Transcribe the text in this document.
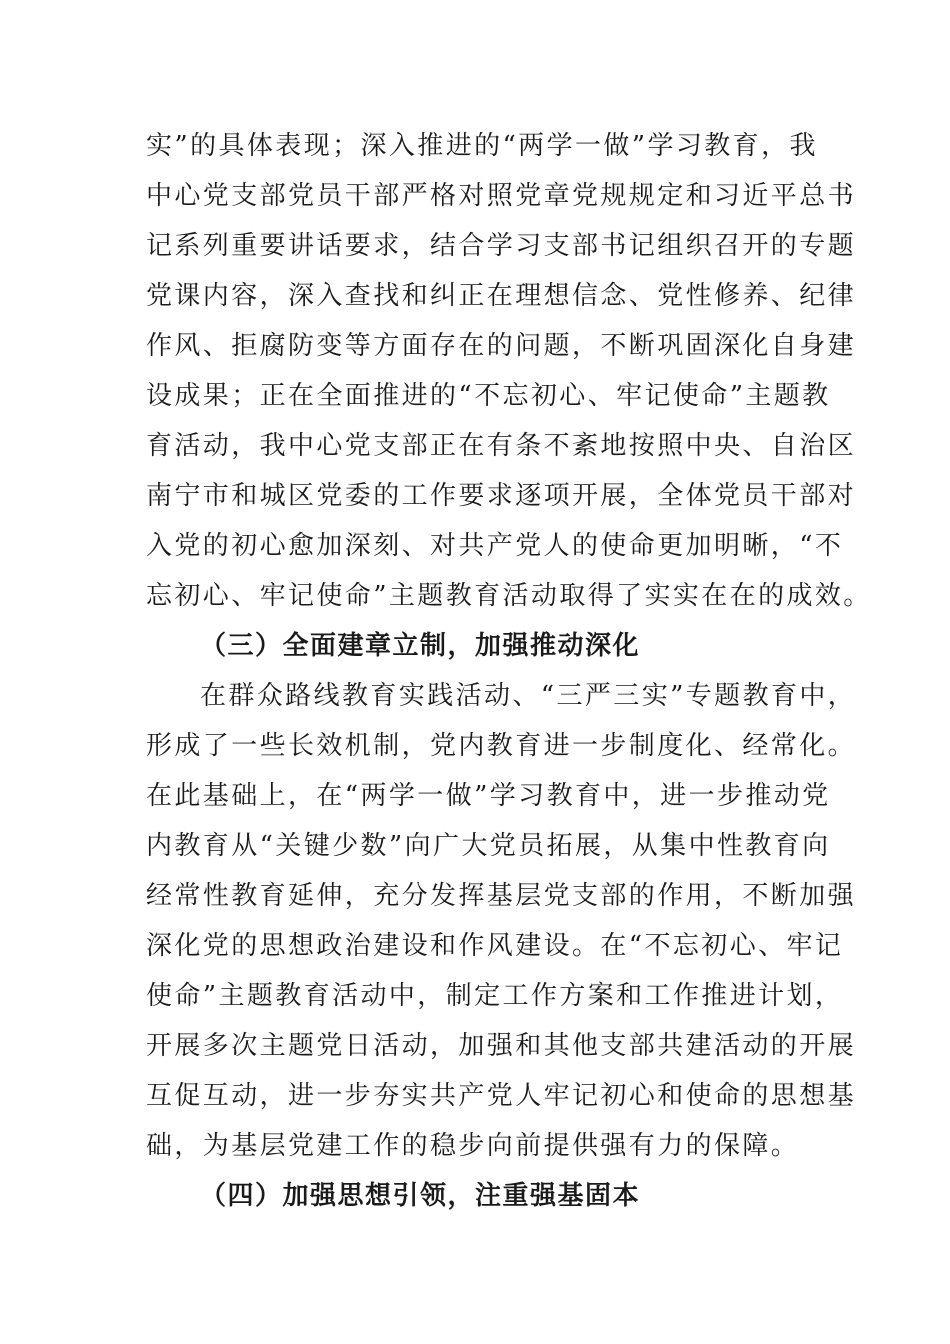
实”的具体表现；深入推进的“两学一做”学习教育，我
中心党支部党员干部严格对照党章党规规定和习近平总书
记系列重要讲话要求，结合学习支部书记组织召开的专题
党课内容，深入查找和纠正在理想信念、党性修养、纪律
作风、拒腐防变等方面存在的问题，不断巩固深化自身建
设成果；正在全面推进的“不忘初心、牢记使命”主题教
育活动，我中心党支部正在有条不紊地按照中央、自治区
南宁市和城区党委的工作要求逐项开展，全体党员干部对
入党的初心愈加深刻、对共产党人的使命更加明晰，“不
忘初心、牢记使命”主题教育活动取得了实实在在的成效。
（三）全面建章立制，加强推动深化
在群众路线教育实践活动、“三严三实”专题教育中，
形成了一些长效机制，党内教育进一步制度化、经常化。
在此基础上，在“两学一做”学习教育中，进一步推动党
内教育从“关键少数”向广大党员拓展，从集中性教育向
经常性教育延伸，充分发挥基层党支部的作用，不断加强
深化党的思想政治建设和作风建设。在“不忘初心、牢记
使命”主题教育活动中，制定工作方案和工作推进计划，
开展多次主题党日活动，加强和其他支部共建活动的开展
互促互动，进一步夯实共产党人牢记初心和使命的思想基
础，为基层党建工作的稳步向前提供强有力的保障。
（四）加强思想引领，注重强基固本
